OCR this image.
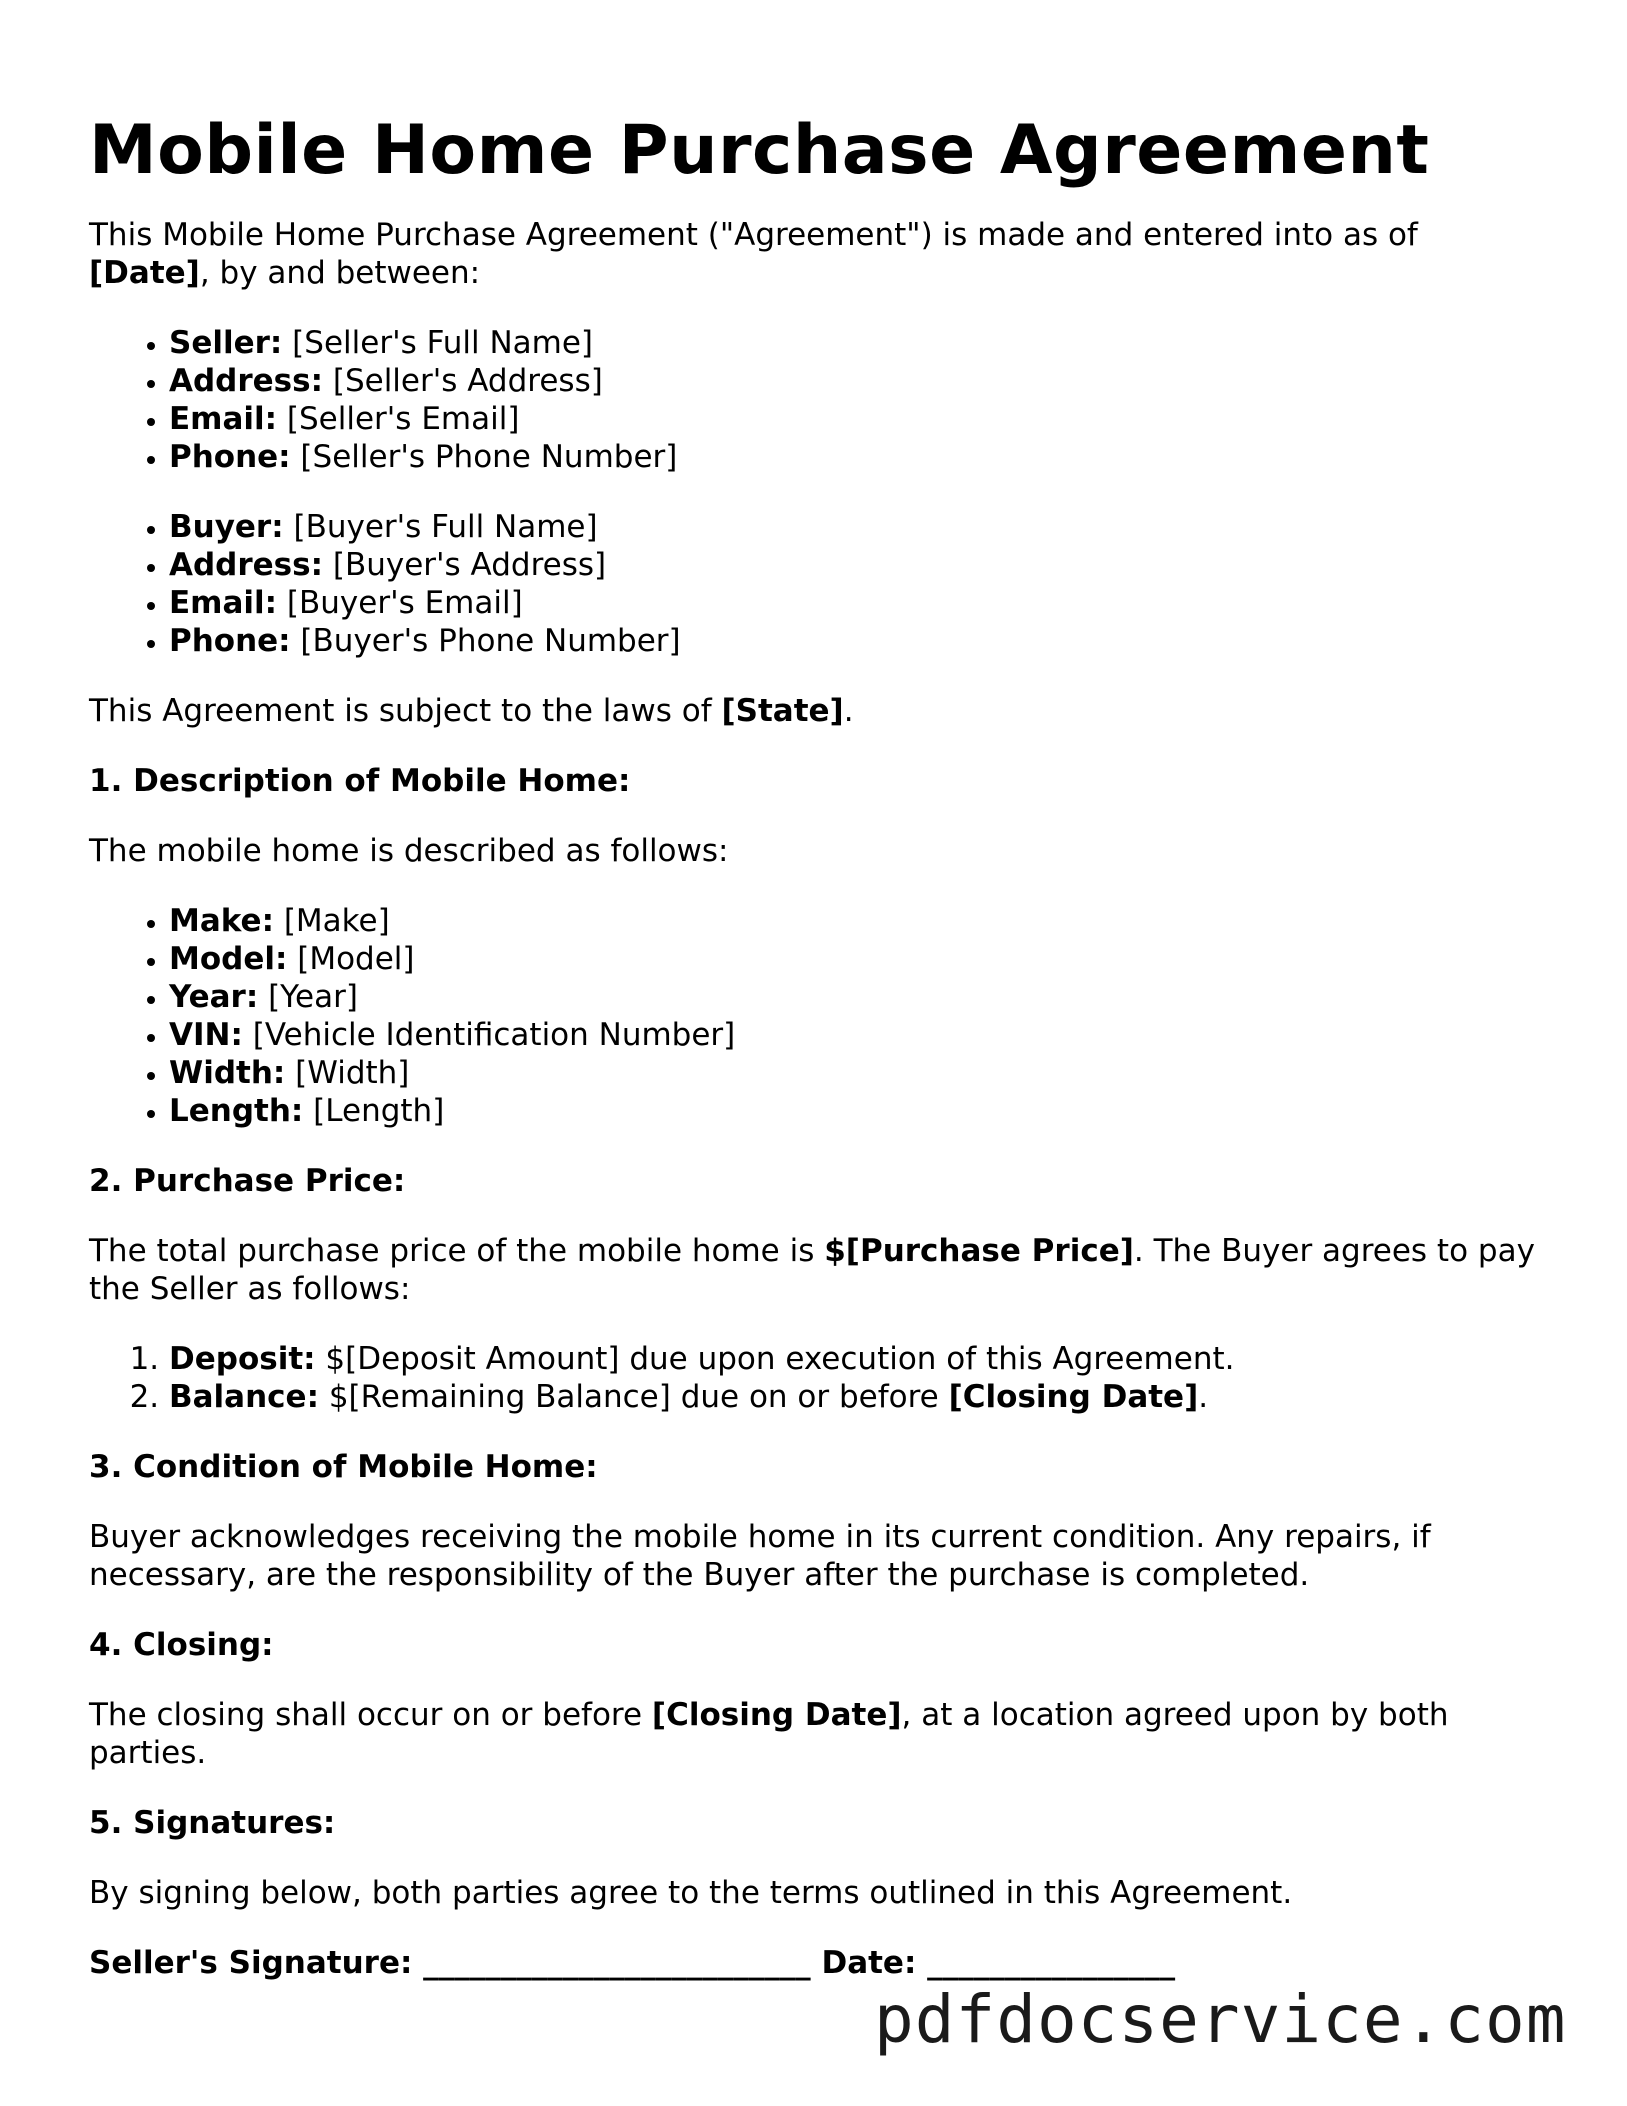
Mobile Home Purchase Agreement

This Mobile Home Purchase Agreement ("Agreement") is made and entered into as of
[Date], by and between:

• Seller: [Seller's Full Name]
• Address: [Seller's Address]
• Email: [Seller's Email]
• Phone: [Seller's Phone Number]
• Buyer: [Buyer's Full Name]
• Address: [Buyer's Address]
• Email: [Buyer's Email]
• Phone: [Buyer's Phone Number]

This Agreement is subject to the laws of [State].

1. Description of Mobile Home:

The mobile home is described as follows:

• Make: [Make]
• Model: [Model]
• Year: [Year]
• VIN: [Vehicle Identification Number]
• Width: [Width]
• Length: [Length]
2. Purchase Price:

The total purchase price of the mobile home is $[Purchase Price]. The Buyer agrees to pay the Seller as follows:

1. Deposit: $[Deposit Amount] due upon execution of this Agreement.
2. Balance: $[Remaining Balance] due on or before [Closing Date].
3. Condition of Mobile Home:

Buyer acknowledges receiving the mobile home in its current condition. Any repairs, if necessary, are the responsibility of the Buyer after the purchase is completed.

4. Closing:

The closing shall occur on or before [Closing Date], at a location agreed upon by both parties.

5. Signatures:

By signing below, both parties agree to the terms outlined in this Agreement.

Seller's Signature: _________________________ Date: ________________
pdfdocservice.com
